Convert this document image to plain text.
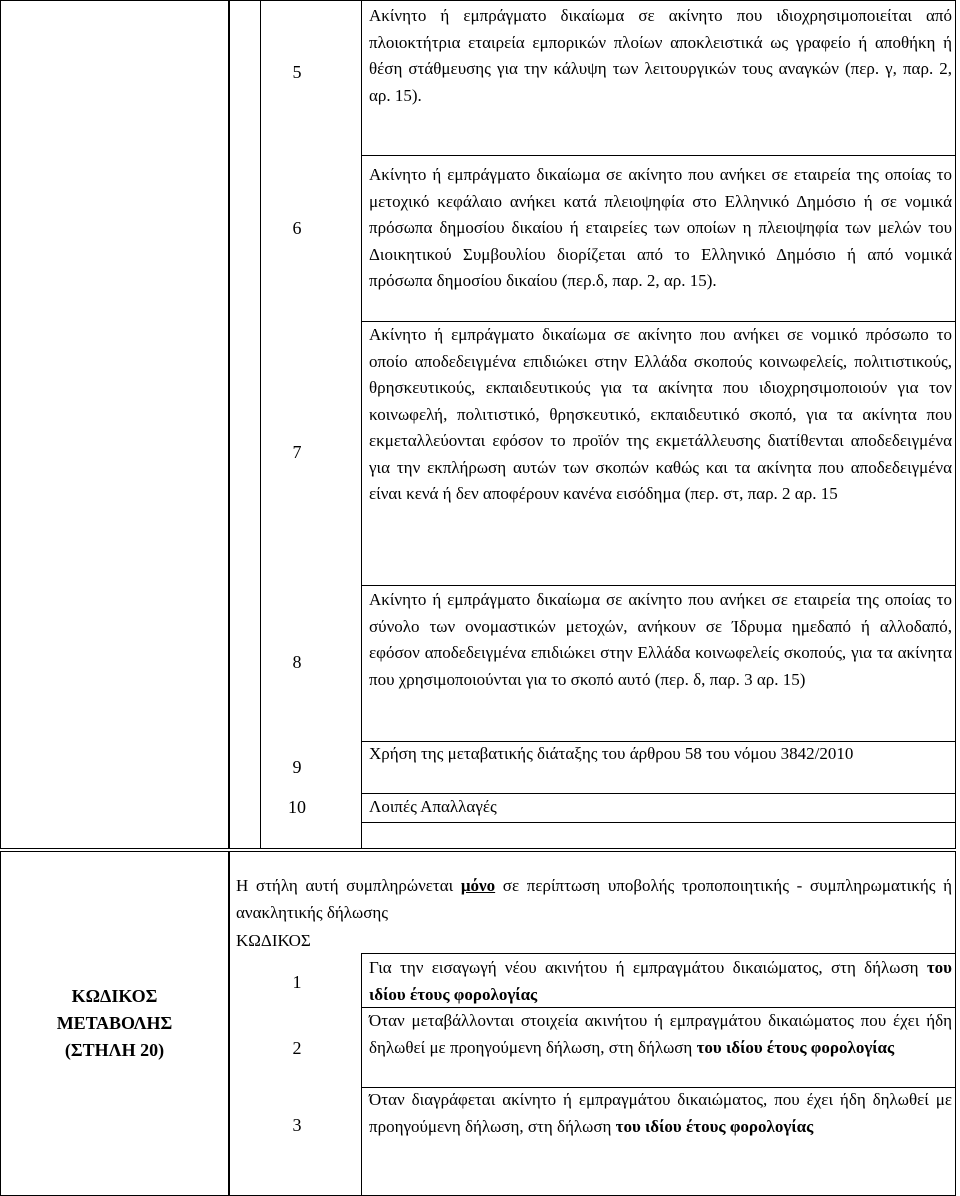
5
Ακίνητο ή εμπράγματο δικαίωμα σε ακίνητο που ιδιοχρησιμοποιείται από πλοιοκτήτρια εταιρεία εμπορικών πλοίων αποκλειστικά ως γραφείο ή αποθήκη ή θέση στάθμευσης για την κάλυψη των λειτουργικών τους αναγκών (περ. γ, παρ. 2, αρ. 15).
6
Ακίνητο ή εμπράγματο δικαίωμα σε ακίνητο που ανήκει σε εταιρεία της οποίας το μετοχικό κεφάλαιο ανήκει κατά πλειοψηφία στο Ελληνικό Δημόσιο ή σε νομικά πρόσωπα δημοσίου δικαίου ή εταιρείες των οποίων η πλειοψηφία των μελών του Διοικητικού Συμβουλίου διορίζεται από το Ελληνικό Δημόσιο ή από νομικά πρόσωπα δημοσίου δικαίου (περ.δ, παρ. 2, αρ. 15).
7
Ακίνητο ή εμπράγματο δικαίωμα σε ακίνητο που ανήκει σε νομικό πρόσωπο το οποίο αποδεδειγμένα επιδιώκει στην Ελλάδα σκοπούς κοινωφελείς, πολιτιστικούς, θρησκευτικούς, εκπαιδευτικούς για τα ακίνητα που ιδιοχρησιμοποιούν για τον κοινωφελή, πολιτιστικό, θρησκευτικό, εκπαιδευτικό σκοπό, για τα ακίνητα που εκμεταλλεύονται εφόσον το προϊόν της εκμετάλλευσης διατίθενται αποδεδειγμένα για την εκπλήρωση αυτών των σκοπών καθώς και τα ακίνητα που αποδεδειγμένα είναι κενά ή δεν αποφέρουν κανένα εισόδημα (περ. στ, παρ. 2 αρ. 15
8
Ακίνητο ή εμπράγματο δικαίωμα σε ακίνητο που ανήκει σε εταιρεία της οποίας το σύνολο των ονομαστικών μετοχών, ανήκουν σε Ίδρυμα ημεδαπό ή αλλοδαπό, εφόσον αποδεδειγμένα επιδιώκει στην Ελλάδα κοινωφελείς σκοπούς, για τα ακίνητα που χρησιμοποιούνται για το σκοπό αυτό (περ. δ, παρ. 3 αρ. 15)
9
Χρήση της μεταβατικής διάταξης του άρθρου 58 του νόμου 3842/2010
10	Λοιπές Απαλλαγές
ΚΩΔΙΚΟΣ
ΜΕΤΑΒΟΛΗΣ
(ΣΤΗΛΗ 20)
Η στήλη αυτή συμπληρώνεται μόνο σε περίπτωση υποβολής τροποποιητικής - συμπληρωματικής ή ανακλητικής δήλωσης
ΚΩΔΙΚΟΣ
1
Για την εισαγωγή νέου ακινήτου ή εμπραγμάτου δικαιώματος, στη δήλωση του ιδίου έτους φορολογίας
2
Όταν μεταβάλλονται στοιχεία ακινήτου ή εμπραγμάτου δικαιώματος που έχει ήδη δηλωθεί με προηγούμενη δήλωση, στη δήλωση του ιδίου έτους φορολογίας
3
Όταν διαγράφεται ακίνητο ή εμπραγμάτου δικαιώματος, που έχει ήδη δηλωθεί με προηγούμενη δήλωση, στη δήλωση του ιδίου έτους φορολογίας
